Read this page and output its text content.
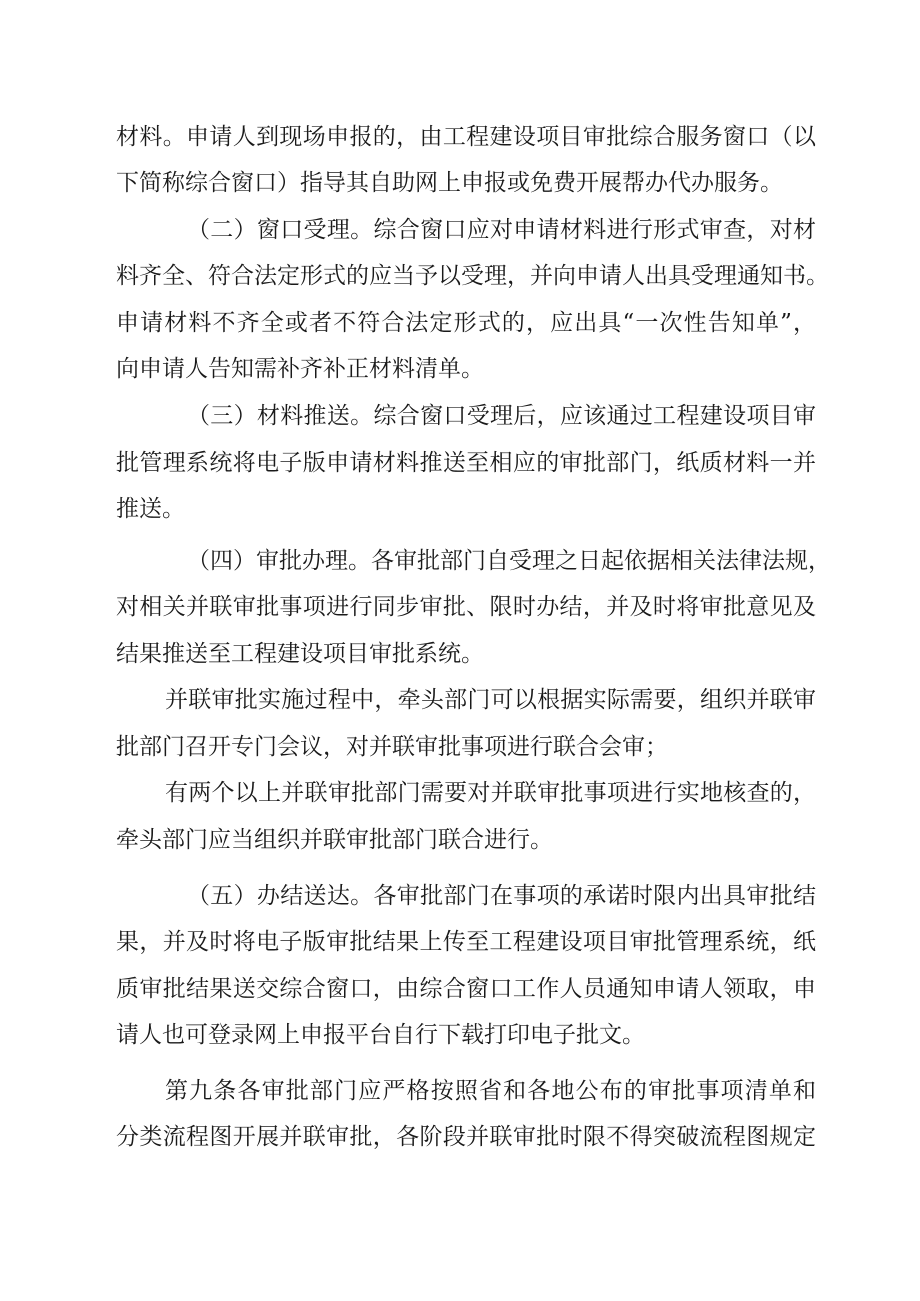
材料。申请人到现场申报的，由工程建设项目审批综合服务窗口（以
下简称综合窗口）指导其自助网上申报或免费开展帮办代办服务。
（二）窗口受理。综合窗口应对申请材料进行形式审查，对材
料齐全、符合法定形式的应当予以受理，并向申请人出具受理通知书。
申请材料不齐全或者不符合法定形式的，应出具“一次性告知单”，
向申请人告知需补齐补正材料清单。
（三）材料推送。综合窗口受理后，应该通过工程建设项目审
批管理系统将电子版申请材料推送至相应的审批部门，纸质材料一并
推送。
（四）审批办理。各审批部门自受理之日起依据相关法律法规，
对相关并联审批事项进行同步审批、限时办结，并及时将审批意见及
结果推送至工程建设项目审批系统。
并联审批实施过程中，牵头部门可以根据实际需要，组织并联审
批部门召开专门会议，对并联审批事项进行联合会审；
有两个以上并联审批部门需要对并联审批事项进行实地核查的，
牵头部门应当组织并联审批部门联合进行。
（五）办结送达。各审批部门在事项的承诺时限内出具审批结
果，并及时将电子版审批结果上传至工程建设项目审批管理系统，纸
质审批结果送交综合窗口，由综合窗口工作人员通知申请人领取，申
请人也可登录网上申报平台自行下载打印电子批文。
第九条各审批部门应严格按照省和各地公布的审批事项清单和
分类流程图开展并联审批，各阶段并联审批时限不得突破流程图规定
